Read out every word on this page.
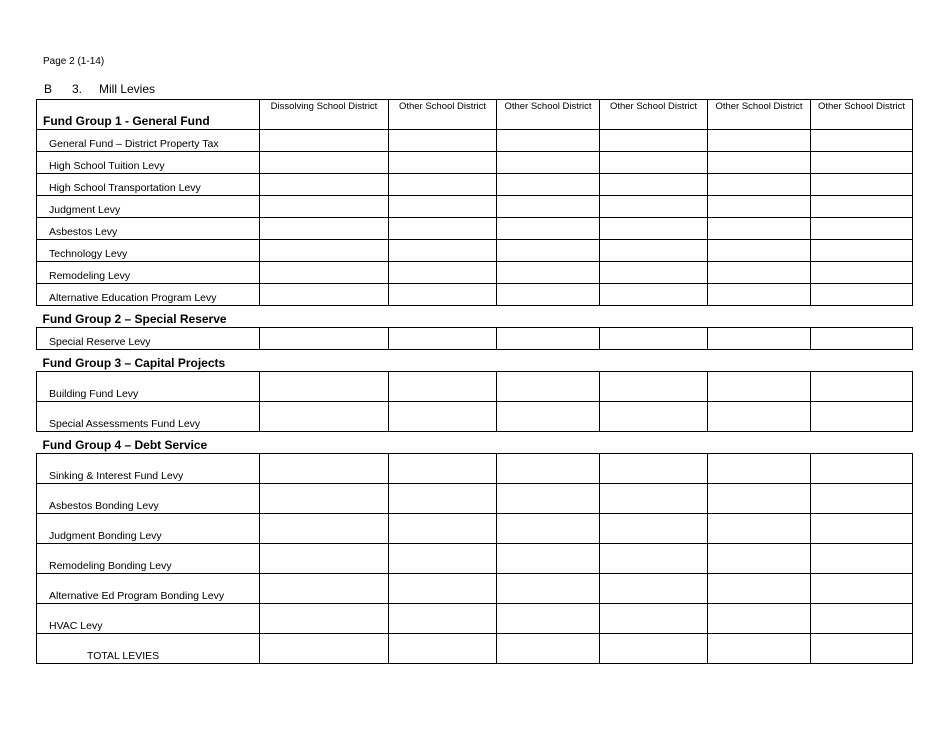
Page 2 (1-14)
B 3. Mill Levies
Fund Group 1 - General Fund	Dissolving School District	Other School District	Other School District	Other School District	Other School District	Other School District
General Fund – District Property Tax						
High School Tuition Levy						
High School Transportation Levy						
Judgment Levy						
Asbestos Levy						
Technology Levy						
Remodeling Levy						
Alternative Education Program Levy						
Fund Group 2 – Special Reserve						
Special Reserve Levy						
Fund Group 3 – Capital Projects						
Building Fund Levy						
Special Assessments Fund Levy						
Fund Group 4 – Debt Service						
Sinking & Interest Fund Levy						
Asbestos Bonding Levy						
Judgment Bonding Levy						
Remodeling Bonding Levy						
Alternative Ed Program Bonding Levy						
HVAC Levy						
TOTAL LEVIES						
